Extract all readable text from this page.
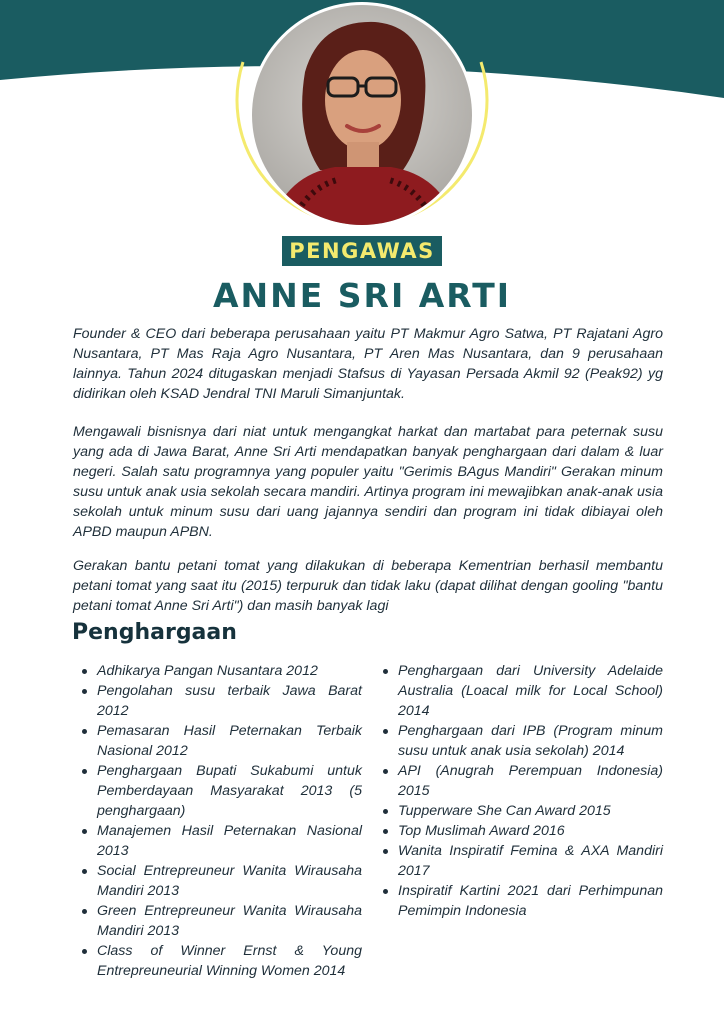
PENGAWAS
ANNE SRI ARTI

Founder & CEO dari beberapa perusahaan yaitu PT Makmur Agro Satwa, PT Rajatani Agro Nusantara, PT Mas Raja Agro Nusantara, PT Aren Mas Nusantara, dan 9 perusahaan lainnya. Tahun 2024 ditugaskan menjadi Stafsus di Yayasan Persada Akmil 92 (Peak92) yg didirikan oleh KSAD Jendral TNI Maruli Simanjuntak.

Mengawali bisnisnya dari niat untuk mengangkat harkat dan martabat para peternak susu yang ada di Jawa Barat, Anne Sri Arti mendapatkan banyak penghargaan dari dalam & luar negeri. Salah satu programnya yang populer yaitu "Gerimis BAgus Mandiri" Gerakan minum susu untuk anak usia sekolah secara mandiri. Artinya program ini mewajibkan anak-anak usia sekolah untuk minum susu dari uang jajannya sendiri dan program ini tidak dibiayai oleh APBD maupun APBN.

Gerakan bantu petani tomat yang dilakukan di beberapa Kementrian berhasil membantu petani tomat yang saat itu (2015) terpuruk dan tidak laku (dapat dilihat dengan gooling "bantu petani tomat Anne Sri Arti") dan masih banyak lagi

Penghargaan
Adhikarya Pangan Nusantara 2012
Pengolahan susu terbaik Jawa Barat 2012
Pemasaran Hasil Peternakan Terbaik Nasional 2012
Penghargaan Bupati Sukabumi untuk Pemberdayaan Masyarakat 2013 (5 penghargaan)
Manajemen Hasil Peternakan Nasional 2013
Social Entrepreuneur Wanita Wirausaha Mandiri 2013
Green Entrepreuneur Wanita Wirausaha Mandiri 2013
Class of Winner Ernst & Young Entrepreuneurial Winning Women 2014
Penghargaan dari University Adelaide Australia (Loacal milk for Local School) 2014
Penghargaan dari IPB (Program minum susu untuk anak usia sekolah) 2014
API (Anugrah Perempuan Indonesia) 2015
Tupperware She Can Award 2015
Top Muslimah Award 2016
Wanita Inspiratif Femina & AXA Mandiri 2017
Inspiratif Kartini 2021 dari Perhimpunan Pemimpin Indonesia
